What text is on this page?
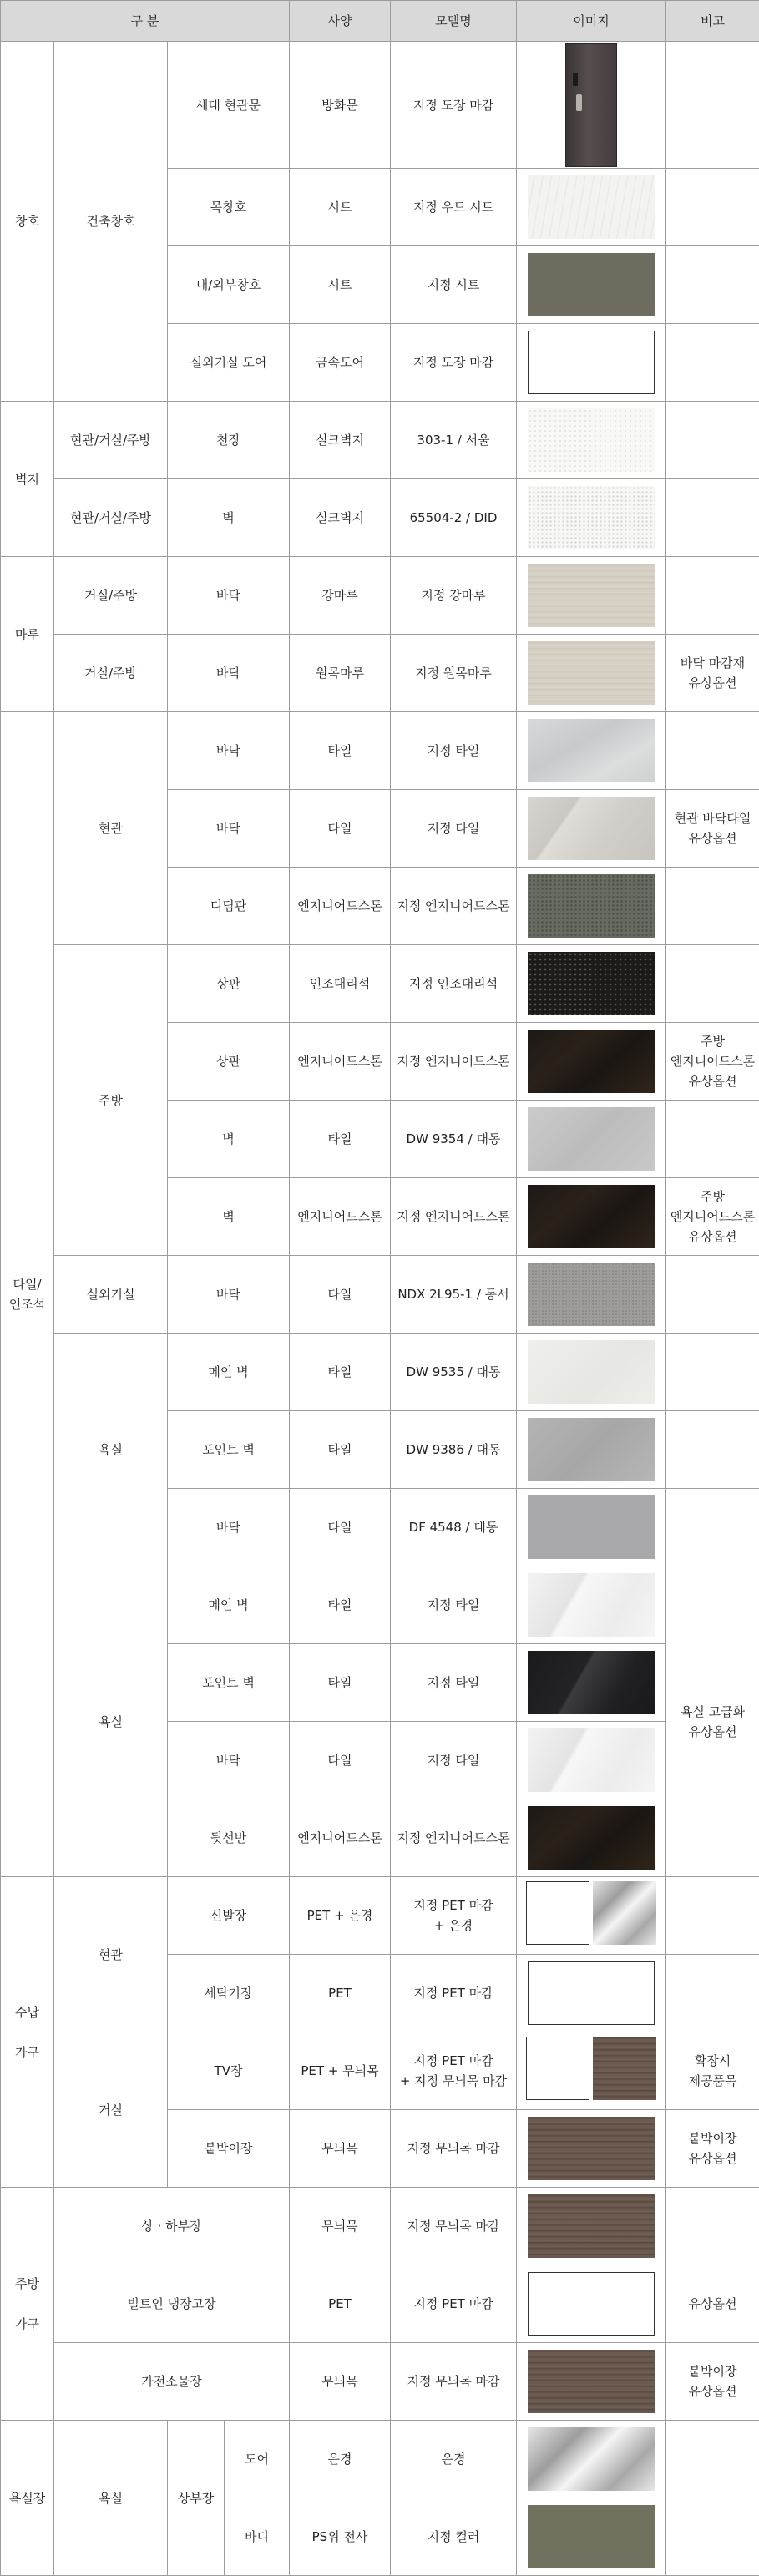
구 분				사양	모델명	이미지	비고
창호	건축창호	세대 현관문		방화문	지정 도장 마감	

		목창호		시트	지정 우드 시트	

		내/외부창호		시트	지정 시트	

		실외기실 도어		금속도어	지정 도장 마감	

벽지	현관/거실/주방	천장		실크벽지	303-1 / 서울	

	현관/거실/주방	벽		실크벽지	65504-2 / DID	

마루	거실/주방	바닥		강마루	지정 강마루	

	거실/주방	바닥		원목마루	지정 원목마루		바닥 마감재
유상옵션
타일/
인조석	현관	바닥		타일	지정 타일	

		바닥		타일	지정 타일		현관 바닥타일
유상옵션
		디딤판		엔지니어드스톤	지정 엔지니어드스톤	

	주방	상판		인조대리석	지정 인조대리석	

		상판		엔지니어드스톤	지정 엔지니어드스톤		주방
엔지니어드스톤
유상옵션
		벽		타일	DW 9354 / 대동	

		벽		엔지니어드스톤	지정 엔지니어드스톤		주방
엔지니어드스톤
유상옵션
	실외기실	바닥		타일	NDX 2L95-1 / 동서	

	욕실	메인 벽		타일	DW 9535 / 대동	

		포인트 벽		타일	DW 9386 / 대동	

		바닥		타일	DF 4548 / 대동	

	욕실	메인 벽		타일	지정 타일		욕실 고급화
유상옵션
		포인트 벽		타일	지정 타일		

		바닥		타일	지정 타일		

		뒷선반		엔지니어드스톤	지정 엔지니어드스톤		

수납

가구	현관	신발장		PET + 은경	지정 PET 마감
+ 은경		
		세탁기장		PET	지정 PET 마감	

	거실	TV장		PET + 무늬목	지정 PET 마감
+ 지정 무늬목 마감		확장시
제공품목
		붙박이장		무늬목	지정 무늬목 마감		붙박이장
유상옵션
주방

가구	상 · 하부장			무늬목	지정 무늬목 마감	

	빌트인 냉장고장			PET	지정 PET 마감		유상옵션
	가전소물장			무늬목	지정 무늬목 마감		붙박이장
유상옵션
욕실장	욕실	상부장	도어	은경	은경	

			바디	PS위 전사	지정 컬러	
